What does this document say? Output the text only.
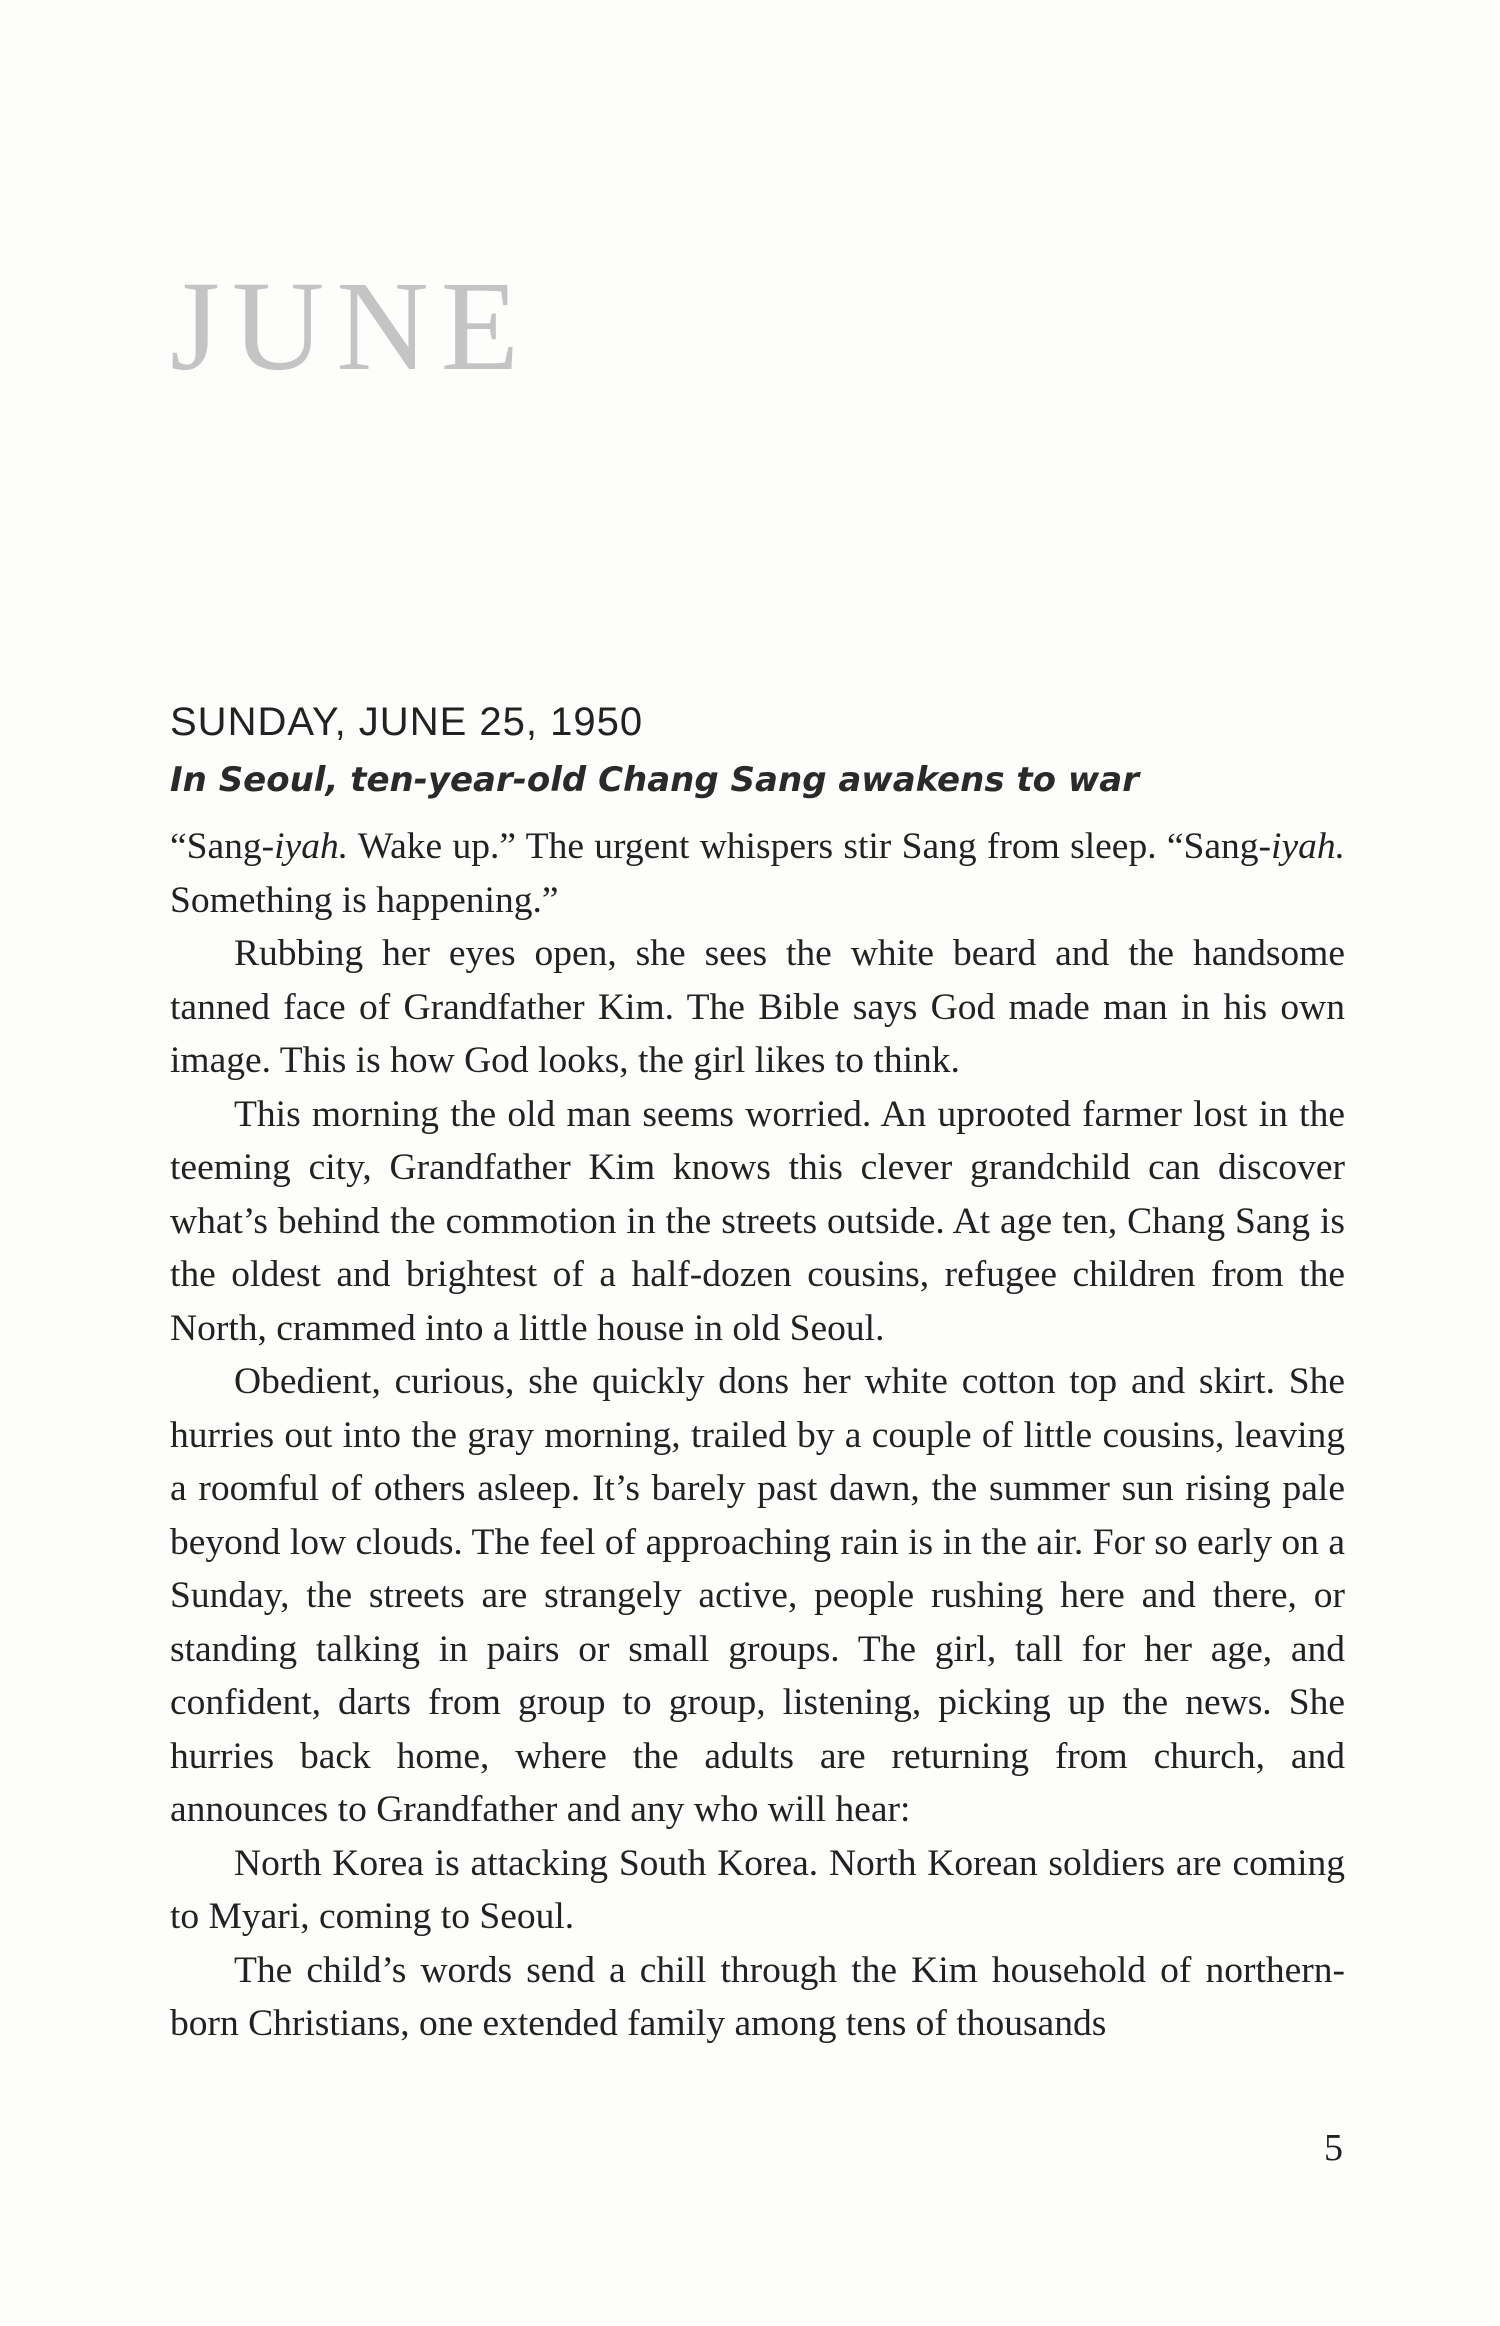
JUNE
SUNDAY, JUNE 25, 1950
In Seoul, ten-year-old Chang Sang awakens to war

“Sang-iyah. Wake up.” The urgent whispers stir Sang from sleep. “Sang-iyah. Something is happening.”

Rubbing her eyes open, she sees the white beard and the handsome tanned face of Grandfather Kim. The Bible says God made man in his own image. This is how God looks, the girl likes to think.

This morning the old man seems worried. An uprooted farmer lost in the teeming city, Grandfather Kim knows this clever grandchild can discover what’s behind the commotion in the streets outside. At age ten, Chang Sang is the oldest and brightest of a half-dozen cousins, refugee children from the North, crammed into a little house in old Seoul.

Obedient, curious, she quickly dons her white cotton top and skirt. She hurries out into the gray morning, trailed by a couple of little cousins, leaving a roomful of others asleep. It’s barely past dawn, the summer sun rising pale beyond low clouds. The feel of approaching rain is in the air. For so early on a Sunday, the streets are strangely active, people rushing here and there, or standing talking in pairs or small groups. The girl, tall for her age, and confident, darts from group to group, listening, picking up the news. She hurries back home, where the adults are returning from church, and announces to Grandfather and any who will hear:

North Korea is attacking South Korea. North Korean soldiers are coming to Myari, coming to Seoul.

The child’s words send a chill through the Kim household of northern-born Christians, one extended family among tens of thousands

5
